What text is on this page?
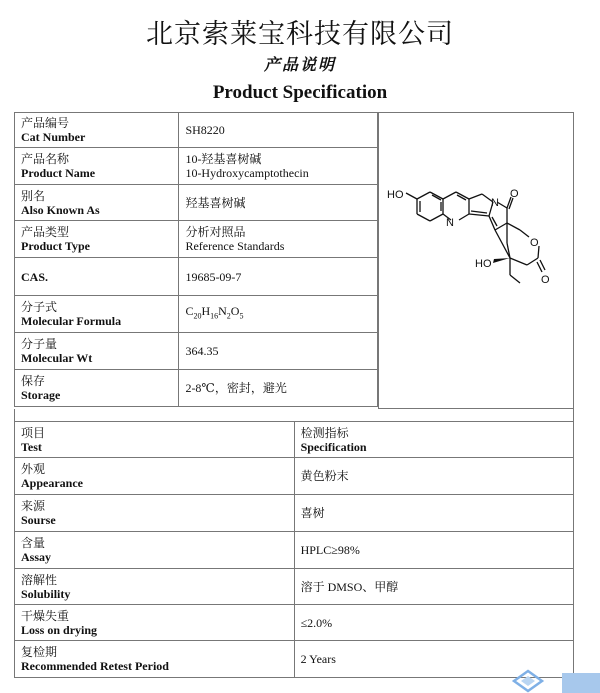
北京索莱宝科技有限公司
产品说明
Product Specification
产品编号
Cat Number	SH8220

产品名称
Product Name	10-羟基喜树碱
10-Hydroxycamptothecin

别名
Also Known As	羟基喜树碱

产品类型
Product Type	分析对照品
Reference Standards

CAS.	19685-09-7

分子式
Molecular Formula	$C_{20}H_{16}N_2O_5$

分子量
Molecular Wt	364.35

保存
Storage	2-8℃，密封，避光
HO
N
N
O
O
O
HO
项目
Test	检测指标
Specification

外观
Appearance	黄色粉末

来源
Sourse	喜树

含量
Assay	HPLC≥98%

溶解性
Solubility	溶于 DMSO、甲醇

干燥失重
Loss on drying	≤2.0%

复检期
Recommended Retest Period	2 Years
